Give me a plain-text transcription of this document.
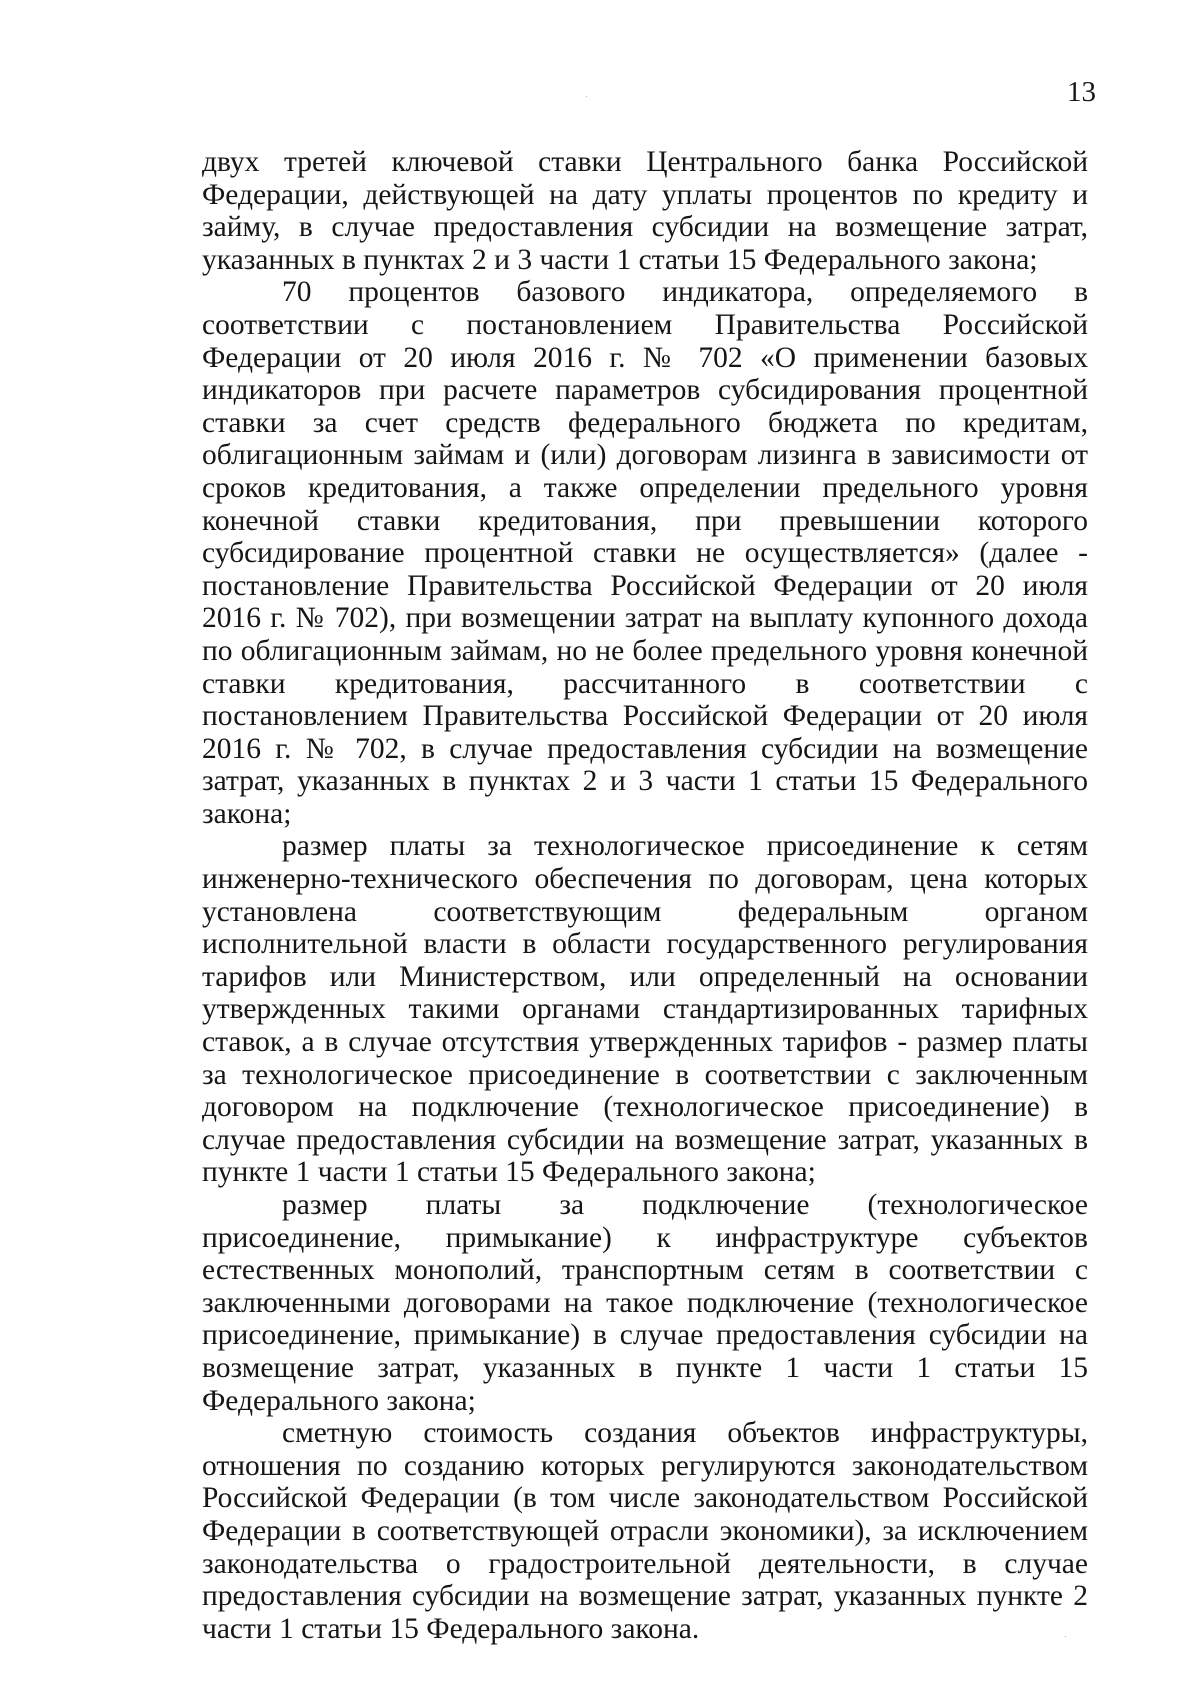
13

двух третей ключевой ставки Центрального банка Российской Федерации, действующей на дату уплаты процентов по кредиту и займу, в случае предоставления субсидии на возмещение затрат, указанных в пунктах 2 и 3 части 1 статьи 15 Федерального закона;

70 процентов базового индикатора, определяемого в соответствии с постановлением Правительства Российской Федерации от 20 июля 2016 г. № 702 «О применении базовых индикаторов при расчете параметров субсидирования процентной ставки за счет средств федерального бюджета по кредитам, облигационным займам и (или) договорам лизинга в зависимости от сроков кредитования, а также определении предельного уровня конечной ставки кредитования, при превышении которого субсидирование процентной ставки не осуществляется» (далее - постановление Правительства Российской Федерации от 20 июля 2016 г. № 702), при возмещении затрат на выплату купонного дохода по облигационным займам, но не более предельного уровня конечной ставки кредитования, рассчитанного в соответствии с постановлением Правительства Российской Федерации от 20 июля 2016 г. № 702, в случае предоставления субсидии на возмещение затрат, указанных в пунктах 2 и 3 части 1 статьи 15 Федерального закона;

размер платы за технологическое присоединение к сетям инженерно-технического обеспечения по договорам, цена которых установлена соответствующим федеральным органом исполнительной власти в области государственного регулирования тарифов или Министерством, или определенный на основании утвержденных такими органами стандартизированных тарифных ставок, а в случае отсутствия утвержденных тарифов - размер платы за технологическое присоединение в соответствии с заключенным договором на подключение (технологическое присоединение) в случае предоставления субсидии на возмещение затрат, указанных в пункте 1 части 1 статьи 15 Федерального закона;

размер платы за подключение (технологическое присоединение, примыкание) к инфраструктуре субъектов естественных монополий, транспортным сетям в соответствии с заключенными договорами на такое подключение (технологическое присоединение, примыкание) в случае предоставления субсидии на возмещение затрат, указанных в пункте 1 части 1 статьи 15 Федерального закона;

сметную стоимость создания объектов инфраструктуры, отношения по созданию которых регулируются законодательством Российской Федерации (в том числе законодательством Российской Федерации в соответствующей отрасли экономики), за исключением законодательства о градостроительной деятельности, в случае предоставления субсидии на возмещение затрат, указанных пункте 2 части 1 статьи 15 Федерального закона.
